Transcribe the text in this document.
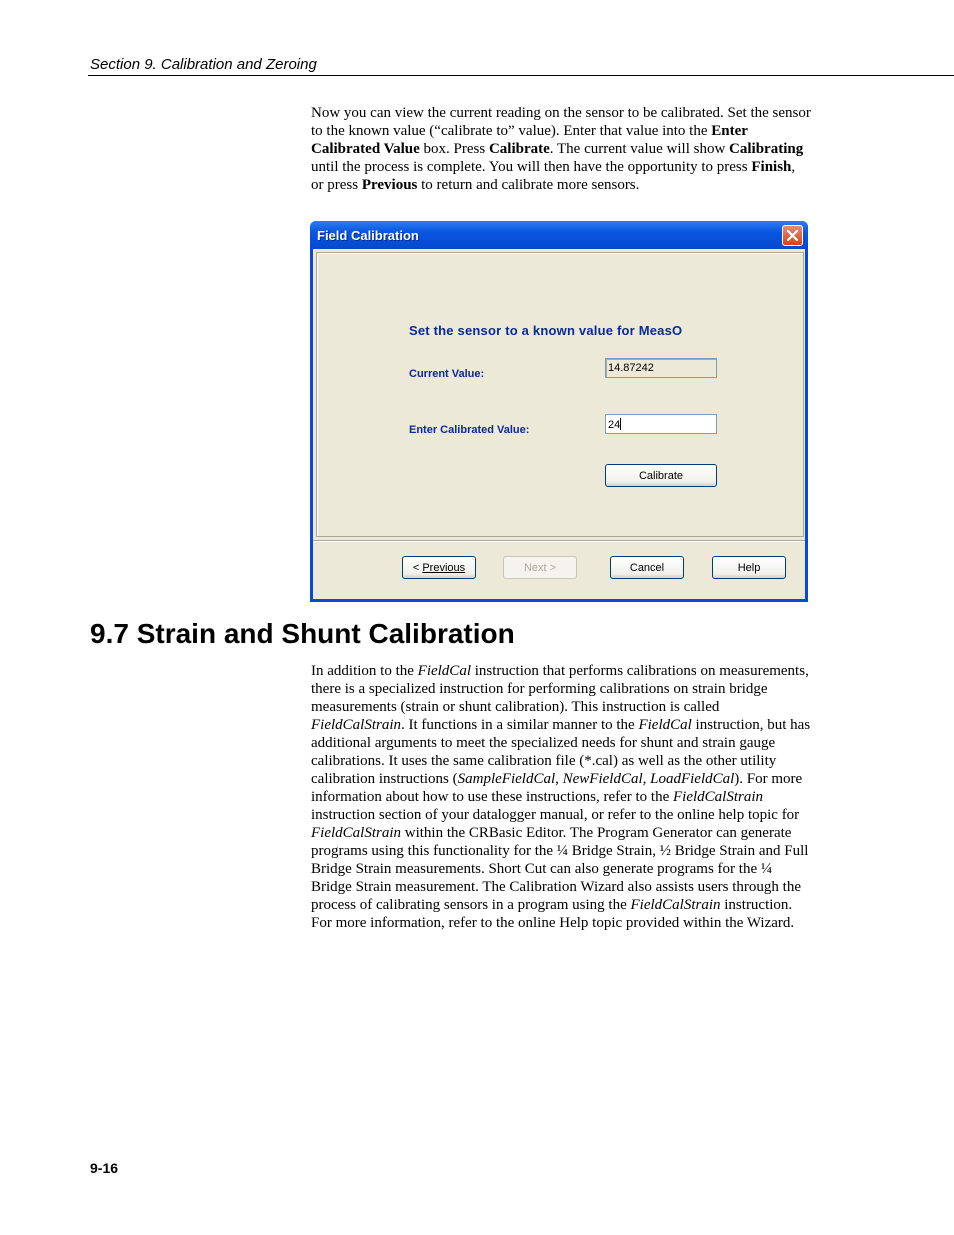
Section 9. Calibration and Zeroing

Now you can view the current reading on the sensor to be calibrated. Set the sensor to the known value (“calibrate to” value). Enter that value into the Enter Calibrated Value box. Press Calibrate. The current value will show Calibrating until the process is complete. You will then have the opportunity to press Finish, or press Previous to return and calibrate more sensors.

Field Calibration
Set the sensor to a known value for MeasO
Current Value:	14.87242
Enter Calibrated Value:	24
Calibrate
< Previous	Next >	Cancel	Help
9.7 Strain and Shunt Calibration

In addition to the FieldCal instruction that performs calibrations on measurements, there is a specialized instruction for performing calibrations on strain bridge measurements (strain or shunt calibration). This instruction is called FieldCalStrain. It functions in a similar manner to the FieldCal instruction, but has additional arguments to meet the specialized needs for shunt and strain gauge calibrations. It uses the same calibration file (*.cal) as well as the other utility calibration instructions (SampleFieldCal, NewFieldCal, LoadFieldCal). For more information about how to use these instructions, refer to the FieldCalStrain instruction section of your datalogger manual, or refer to the online help topic for FieldCalStrain within the CRBasic Editor. The Program Generator can generate programs using this functionality for the ¼ Bridge Strain, ½ Bridge Strain and Full Bridge Strain measurements. Short Cut can also generate programs for the ¼ Bridge Strain measurement. The Calibration Wizard also assists users through the process of calibrating sensors in a program using the FieldCalStrain instruction. For more information, refer to the online Help topic provided within the Wizard.

9-16
